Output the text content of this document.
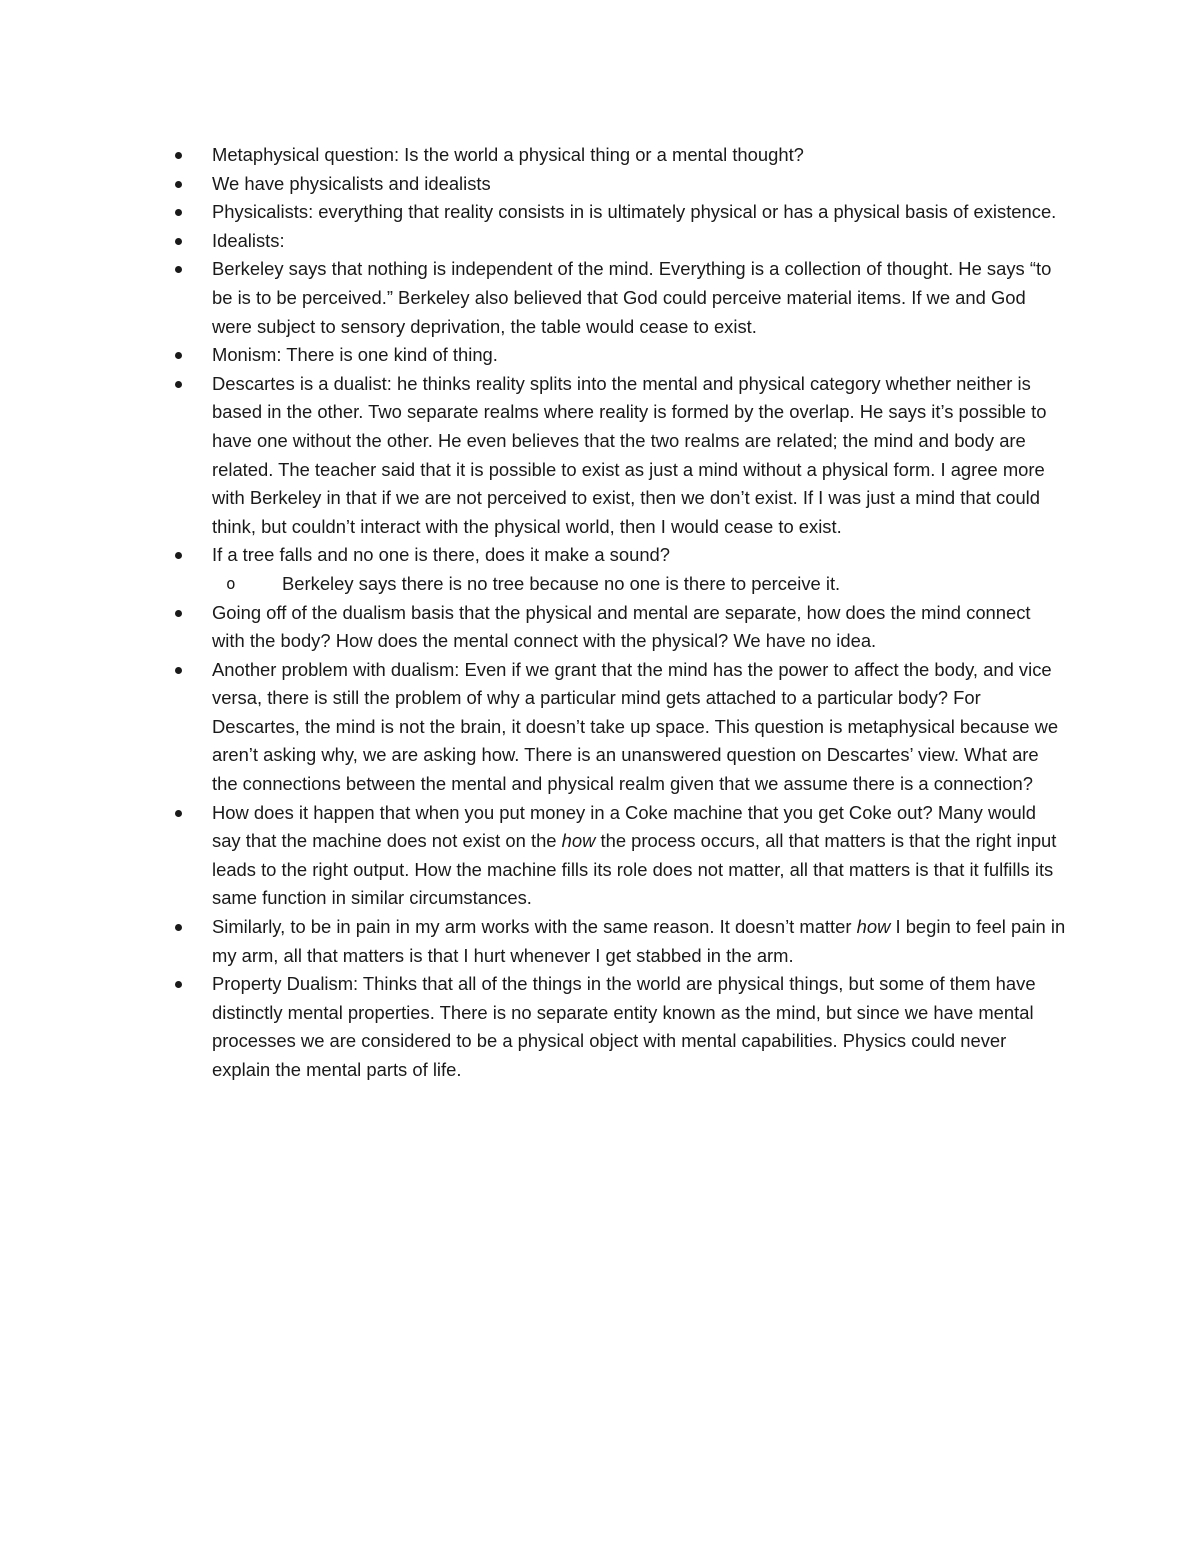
Metaphysical question: Is the world a physical thing or a mental thought?
We have physicalists and idealists
Physicalists: everything that reality consists in is ultimately physical or has a physical basis of existence.
Idealists:
Berkeley says that nothing is independent of the mind. Everything is a collection of thought. He says “to be is to be perceived.” Berkeley also believed that God could perceive material items. If we and God were subject to sensory deprivation, the table would cease to exist.
Monism: There is one kind of thing.
Descartes is a dualist: he thinks reality splits into the mental and physical category whether neither is based in the other. Two separate realms where reality is formed by the overlap. He says it’s possible to have one without the other. He even believes that the two realms are related; the mind and body are related. The teacher said that it is possible to exist as just a mind without a physical form. I agree more with Berkeley in that if we are not perceived to exist, then we don’t exist. If I was just a mind that could think, but couldn’t interact with the physical world, then I would cease to exist.
If a tree falls and no one is there, does it make a sound?
o	Berkeley says there is no tree because no one is there to perceive it.
Going off of the dualism basis that the physical and mental are separate, how does the mind connect with the body? How does the mental connect with the physical? We have no idea.
Another problem with dualism: Even if we grant that the mind has the power to affect the body, and vice versa, there is still the problem of why a particular mind gets attached to a particular body? For Descartes, the mind is not the brain, it doesn’t take up space. This question is metaphysical because we aren’t asking why, we are asking how. There is an unanswered question on Descartes’ view. What are the connections between the mental and physical realm given that we assume there is a connection?
How does it happen that when you put money in a Coke machine that you get Coke out? Many would say that the machine does not exist on the how the process occurs, all that matters is that the right input leads to the right output. How the machine fills its role does not matter, all that matters is that it fulfills its same function in similar circumstances.
Similarly, to be in pain in my arm works with the same reason. It doesn’t matter how I begin to feel pain in my arm, all that matters is that I hurt whenever I get stabbed in the arm.
Property Dualism: Thinks that all of the things in the world are physical things, but some of them have distinctly mental properties. There is no separate entity known as the mind, but since we have mental processes we are considered to be a physical object with mental capabilities. Physics could never explain the mental parts of life.
